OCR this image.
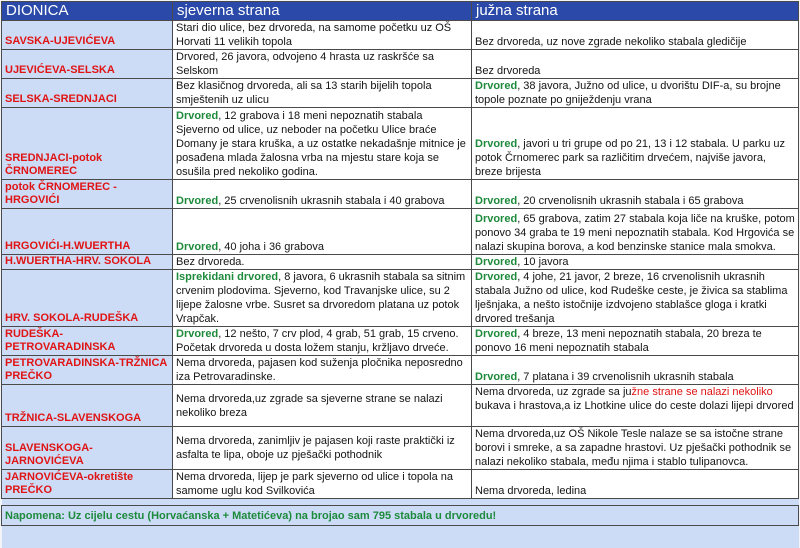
DIONICA	sjeverna strana	južna strana
SAVSKA-UJEVIĆEVA	Stari dio ulice, bez drvoreda, na samome početku uz OŠ Horvati 11 velikih topola	Bez drvoreda, uz nove zgrade nekoliko stabala gledičije
UJEVIĆEVA-SELSKA	Drvored, 26 javora, odvojeno 4 hrasta uz raskršće sa Selskom	Bez drvoreda
SELSKA-SREDNJACI	Bez klasičnog drvoreda, ali sa 13 starih bijelih topola smještenih uz ulicu	Drvored, 38 javora, Južno od ulice, u dvorištu DIF-a, su brojne topole poznate po gniježdenju vrana
SREDNJACI-potok ČRNOMEREC	Drvored, 12 grabova i 18 meni nepoznatih stabala Sjeverno od ulice, uz neboder na početku Ulice braće Domany je stara kruška, a uz ostatke nekadašnje mitnice je posađena mlada žalosna vrba na mjestu stare koja se osušila pred nekoliko godina.	Drvored, javori u tri grupe od po 21, 13 i 12 stabala. U parku uz potok Črnomerec park sa različitim drvećem, najviše javora, breze brijesta
potok ČRNOMEREC - HRGOVIĆI	Drvored, 25 crvenolisnih ukrasnih stabala i 40 grabova	Drvored, 20 crvenolisnih ukrasnih stabala i 65 grabova
HRGOVIĆI-H.WUERTHA	Drvored, 40 joha i 36 grabova	Drvored, 65 grabova, zatim 27 stabala koja liče na kruške, potom ponovo 34 graba te 19 meni nepoznatih stabala. Kod Hrgovića se nalazi skupina borova, a kod benzinske stanice mala smokva.
H.WUERTHA-HRV. SOKOLA	Bez drvoreda.	Drvored, 10 javora
HRV. SOKOLA-RUDEŠKA	Isprekidani drvored, 8 javora, 6 ukrasnih stabala sa sitnim crvenim plodovima. Sjeverno, kod Travanjske ulice, su 2 lijepe žalosne vrbe. Susret sa drvoredom platana uz potok Vrapčak.	Drvored, 4 johe, 21 javor, 2 breze, 16 crvenolisnih ukrasnih stabala Južno od ulice, kod Rudeške ceste, je živica sa stablima lješnjaka, a nešto istočnije izdvojeno stablašce gloga i kratki drvored trešanja
RUDEŠKA-PETROVARADINSKA	Drvored, 12 nešto, 7 crv plod, 4 grab, 51 grab, 15 crveno. Početak drvoreda u dosta ložem stanju, kržljavo drveće.	Drvored, 4 breze, 13 meni nepoznatih stabala, 20 breza te ponovo 16 meni nepoznatih stabala
PETROVARADINSKA-TRŽNICA PREČKO	Nema drvoreda, pajasen kod suženja pločnika neposredno iza Petrovaradinske.	Drvored, 7 platana i 39 crvenolisnih ukrasnih stabala
TRŽNICA-SLAVENSKOGA	Nema drvoreda,uz zgrade sa sjeverne strane se nalazi nekoliko breza	Nema drvoreda, uz zgrade sa južne strane se nalazi nekoliko bukava i hrastova,a iz Lhotkine ulice do ceste dolazi lijepi drvored
SLAVENSKOGA-JARNOVIĆEVA	Nema drvoreda, zanimljiv je pajasen koji raste praktički iz asfalta te lipa, oboje uz pješački pothodnik	Nema drvoreda,uz OŠ Nikole Tesle nalaze se sa istočne strane borovi i smreke, a sa zapadne hrastovi. Uz pješački pothodnik se nalazi nekoliko stabala, među njima i stablo tulipanovca.
JARNOVIĆEVA-okretište PREČKO	Nema drvoreda, lijep je park sjeverno od ulice i topola na samome uglu kod Svilkovića	Nema drvoreda, ledina

Napomena: Uz cijelu cestu (Horvaćanska + Matetićeva) na brojao sam 795 stabala u drvoredu!		
